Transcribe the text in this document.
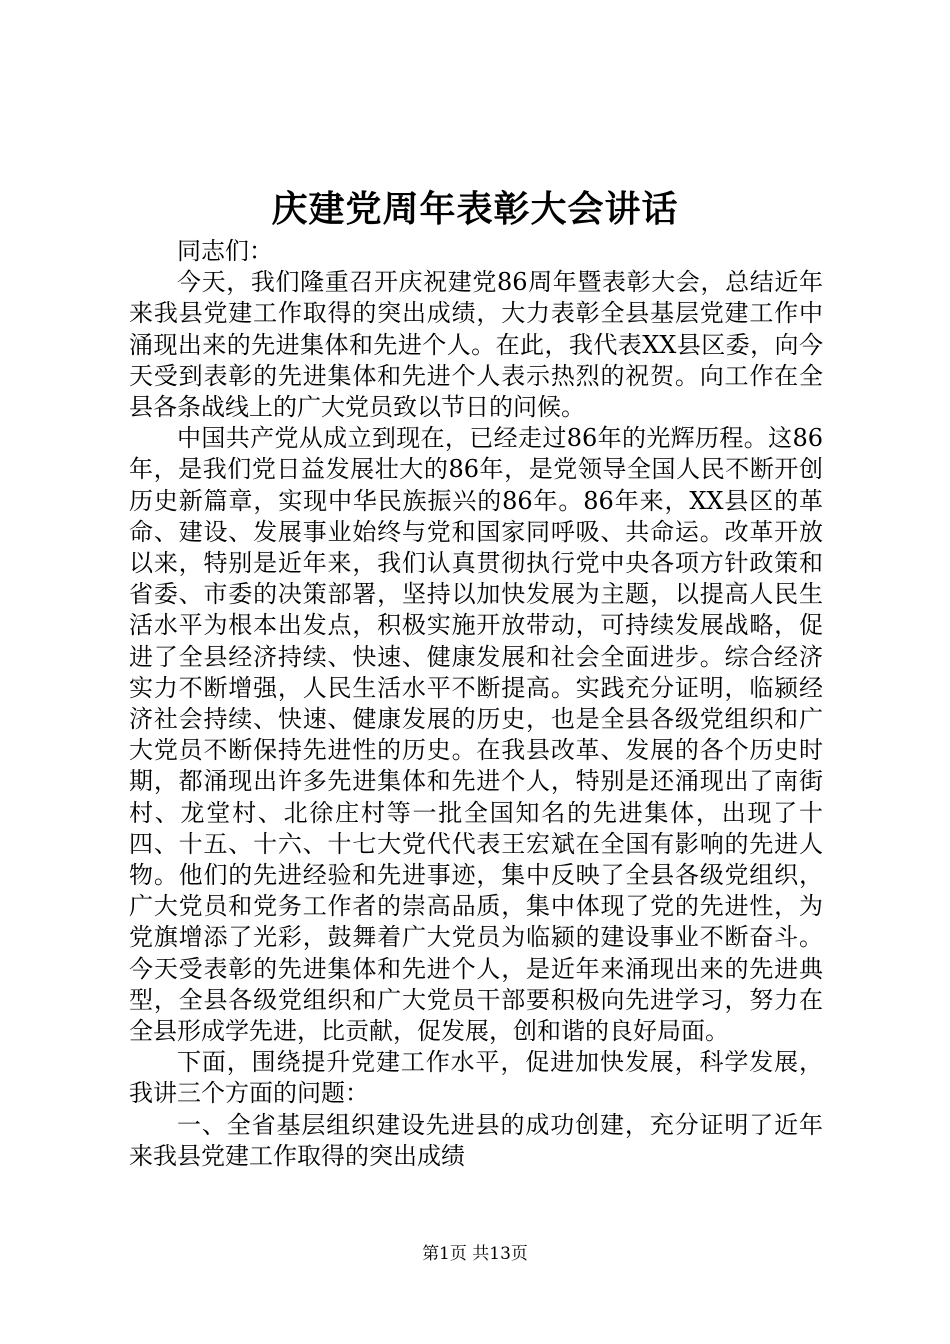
庆建党周年表彰大会讲话

同志们：

今天，我们隆重召开庆祝建党86周年暨表彰大会，总结近年来我县党建工作取得的突出成绩，大力表彰全县基层党建工作中涌现出来的先进集体和先进个人。在此，我代表XX县区委，向今天受到表彰的先进集体和先进个人表示热烈的祝贺。向工作在全县各条战线上的广大党员致以节日的问候。

中国共产党从成立到现在，已经走过86年的光辉历程。这86年，是我们党日益发展壮大的86年，是党领导全国人民不断开创历史新篇章，实现中华民族振兴的86年。86年来，XX县区的革命、建设、发展事业始终与党和国家同呼吸、共命运。改革开放以来，特别是近年来，我们认真贯彻执行党中央各项方针政策和省委、市委的决策部署，坚持以加快发展为主题，以提高人民生活水平为根本出发点，积极实施开放带动，可持续发展战略，促进了全县经济持续、快速、健康发展和社会全面进步。综合经济实力不断增强，人民生活水平不断提高。实践充分证明，临颍经济社会持续、快速、健康发展的历史，也是全县各级党组织和广大党员不断保持先进性的历史。在我县改革、发展的各个历史时期，都涌现出许多先进集体和先进个人，特别是还涌现出了南街村、龙堂村、北徐庄村等一批全国知名的先进集体，出现了十四、十五、十六、十七大党代代表王宏斌在全国有影响的先进人物。他们的先进经验和先进事迹，集中反映了全县各级党组织，广大党员和党务工作者的崇高品质，集中体现了党的先进性，为党旗增添了光彩，鼓舞着广大党员为临颍的建设事业不断奋斗。今天受表彰的先进集体和先进个人，是近年来涌现出来的先进典型，全县各级党组织和广大党员干部要积极向先进学习，努力在全县形成学先进，比贡献，促发展，创和谐的良好局面。

下面，围绕提升党建工作水平，促进加快发展，科学发展，我讲三个方面的问题：

一、全省基层组织建设先进县的成功创建，充分证明了近年来我县党建工作取得的突出成绩

第1页 共13页
